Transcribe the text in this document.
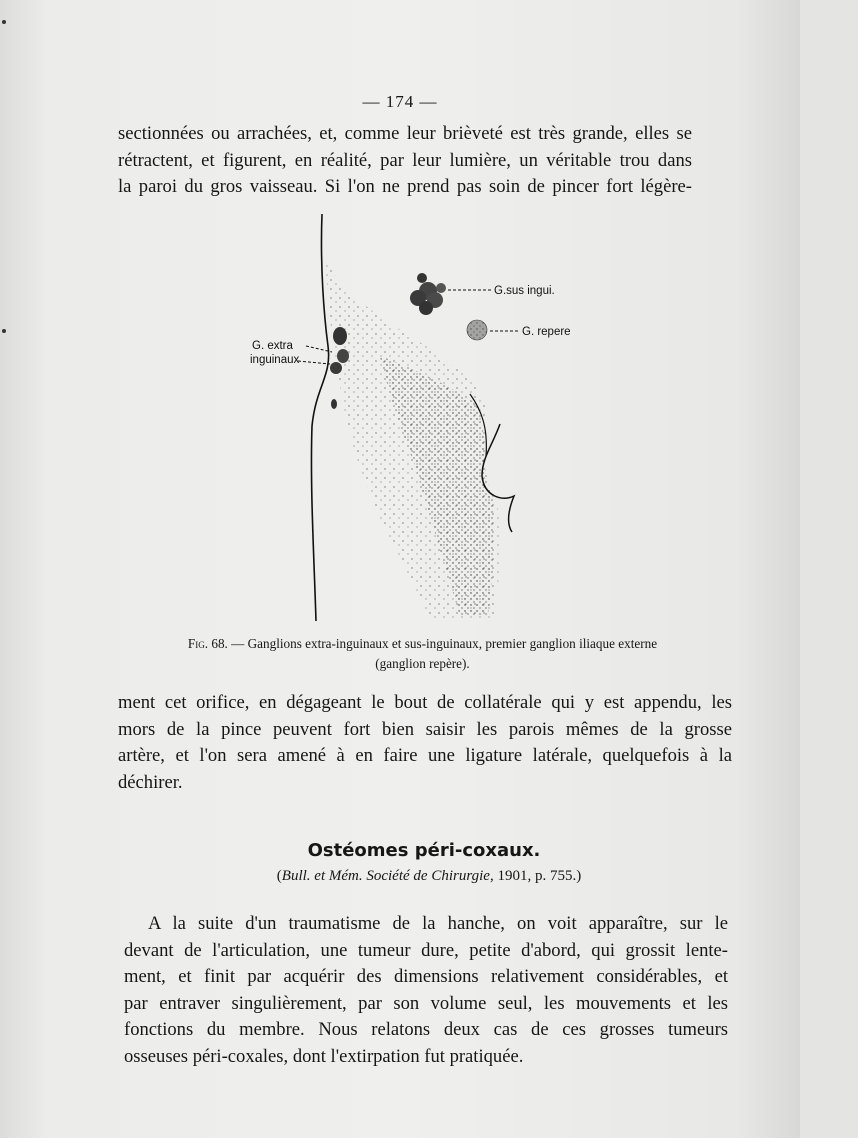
— 174 —
sectionnées ou arrachées, et, comme leur brièveté est très grande, elles se
rétractent, et figurent, en réalité, par leur lumière, un véritable trou dans
la paroi du gros vaisseau. Si l'on ne prend pas soin de pincer fort légère-
G.sus ingui.
G. repere
G. extra
inguinaux
Fig. 68. — Ganglions extra-inguinaux et sus-inguinaux, premier ganglion iliaque externe
(ganglion repère).
ment cet orifice, en dégageant le bout de collatérale qui y est appendu, les
mors de la pince peuvent fort bien saisir les parois mêmes de la grosse
artère, et l'on sera amené à en faire une ligature latérale, quelquefois à la
déchirer.
Ostéomes péri-coxaux.
(Bull. et Mém. Société de Chirurgie, 1901, p. 755.)
A la suite d'un traumatisme de la hanche, on voit apparaître, sur le
devant de l'articulation, une tumeur dure, petite d'abord, qui grossit lente-
ment, et finit par acquérir des dimensions relativement considérables, et
par entraver singulièrement, par son volume seul, les mouvements et les
fonctions du membre. Nous relatons deux cas de ces grosses tumeurs
osseuses péri-coxales, dont l'extirpation fut pratiquée.
